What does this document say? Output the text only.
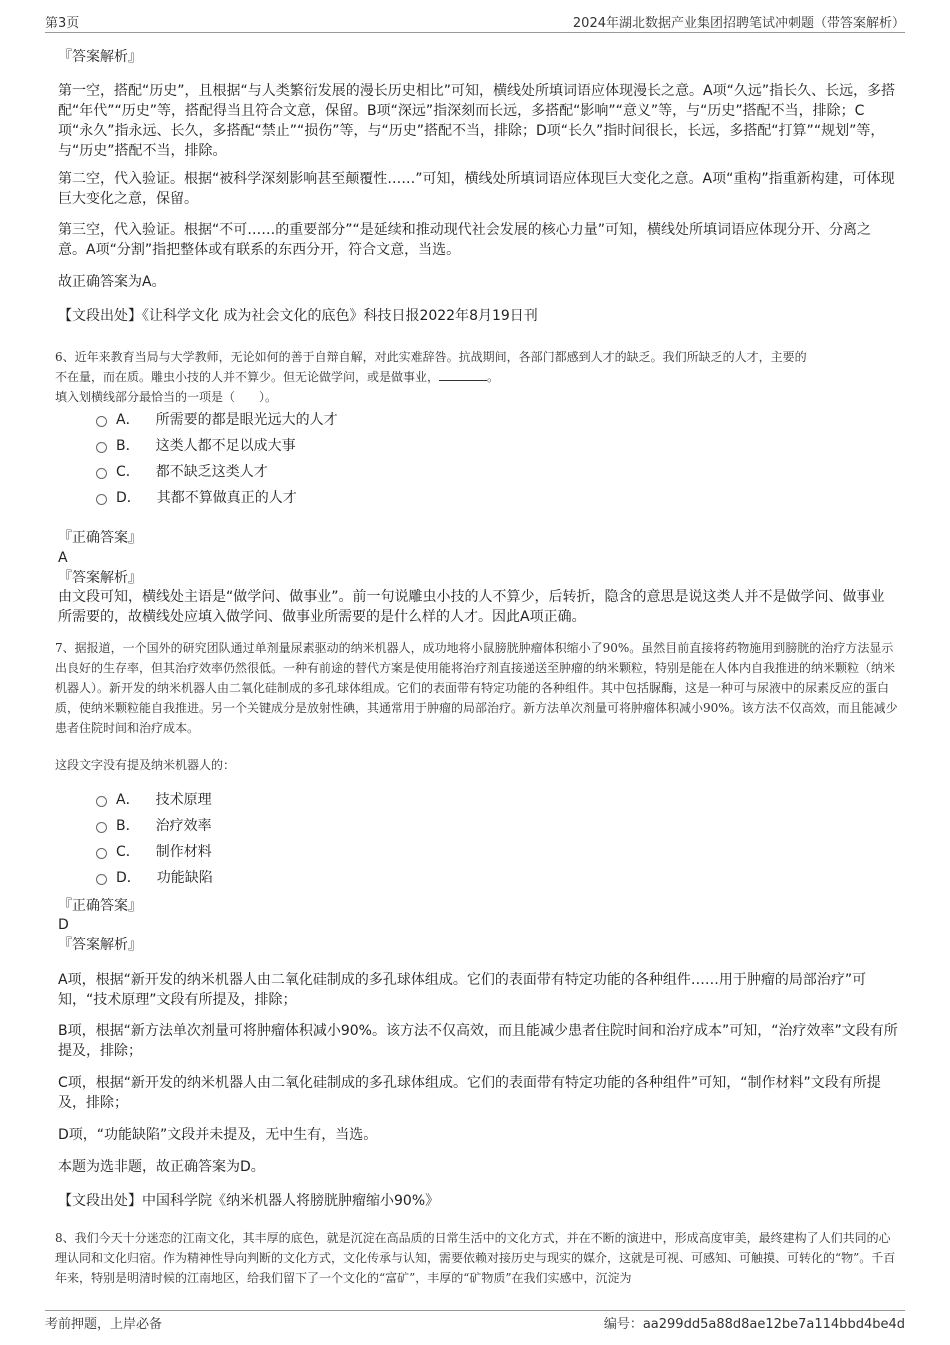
第3页	2024年湖北数据产业集团招聘笔试冲刺题（带答案解析）

『答案解析』

第一空，搭配“历史”，且根据“与人类繁衍发展的漫长历史相比”可知，横线处所填词语应体现漫长之意。A项“久远”指长久、长远，多搭配“年代”“历史”等，搭配得当且符合文意，保留。B项“深远”指深刻而长远，多搭配“影响”“意义”等，与“历史”搭配不当，排除；C项“永久”指永远、长久，多搭配“禁止”“损伤”等，与“历史”搭配不当，排除；D项“长久”指时间很长，长远，多搭配“打算”“规划”等，与“历史”搭配不当，排除。

第二空，代入验证。根据“被科学深刻影响甚至颠覆性……”可知，横线处所填词语应体现巨大变化之意。A项“重构”指重新构建，可体现巨大变化之意，保留。

第三空，代入验证。根据“不可……的重要部分”“是延续和推动现代社会发展的核心力量”可知，横线处所填词语应体现分开、分离之意。A项“分割”指把整体或有联系的东西分开，符合文意，当选。

故正确答案为A。

【文段出处】《让科学文化 成为社会文化的底色》科技日报2022年8月19日刊

6、近年来教育当局与大学教师，无论如何的善于自辩自解，对此实难辞咎。抗战期间，各部门都感到人才的缺乏。我们所缺乏的人才，主要的

不在量，而在质。雕虫小技的人并不算少。但无论做学问，或是做事业，	。

填入划横线部分最恰当的一项是（　　）。

A． 所需要的都是眼光远大的人才
B． 这类人都不足以成大事
C． 都不缺乏这类人才
D． 其都不算做真正的人才

『正确答案』

A

『答案解析』

由文段可知，横线处主语是“做学问、做事业”。前一句说雕虫小技的人不算少，后转折，隐含的意思是说这类人并不是做学问、做事业所需要的，故横线处应填入做学问、做事业所需要的是什么样的人才。因此A项正确。

7、据报道，一个国外的研究团队通过单剂量尿素驱动的纳米机器人，成功地将小鼠膀胱肿瘤体积缩小了90%。虽然目前直接将药物施用到膀胱的治疗方法显示出良好的生存率，但其治疗效率仍然很低。一种有前途的替代方案是使用能将治疗剂直接递送至肿瘤的纳米颗粒，特别是能在人体内自我推进的纳米颗粒（纳米机器人）。新开发的纳米机器人由二氧化硅制成的多孔球体组成。它们的表面带有特定功能的各种组件。其中包括脲酶，这是一种可与尿液中的尿素反应的蛋白质，使纳米颗粒能自我推进。另一个关键成分是放射性碘，其通常用于肿瘤的局部治疗。新方法单次剂量可将肿瘤体积减小90%。该方法不仅高效，而且能减少患者住院时间和治疗成本。

这段文字没有提及纳米机器人的：

A． 技术原理
B． 治疗效率
C． 制作材料
D． 功能缺陷

『正确答案』

D

『答案解析』

A项，根据“新开发的纳米机器人由二氧化硅制成的多孔球体组成。它们的表面带有特定功能的各种组件……用于肿瘤的局部治疗”可知，“技术原理”文段有所提及，排除；

B项，根据“新方法单次剂量可将肿瘤体积减小90%。该方法不仅高效，而且能减少患者住院时间和治疗成本”可知，“治疗效率”文段有所提及，排除；

C项，根据“新开发的纳米机器人由二氧化硅制成的多孔球体组成。它们的表面带有特定功能的各种组件”可知，“制作材料”文段有所提及，排除；

D项，“功能缺陷”文段并未提及，无中生有，当选。

本题为选非题，故正确答案为D。

【文段出处】中国科学院《纳米机器人将膀胱肿瘤缩小90%》

8、我们今天十分迷恋的江南文化，其丰厚的底色，就是沉淀在高品质的日常生活中的文化方式，并在不断的演进中，形成高度审美，最终建构了人们共同的心理认同和文化归宿。作为精神性导向判断的文化方式，文化传承与认知，需要依赖对接历史与现实的媒介，这就是可视、可感知、可触摸、可转化的“物”。千百年来，特别是明清时候的江南地区，给我们留下了一个文化的“富矿”，丰厚的“矿物质”在我们实感中，沉淀为

考前押题，上岸必备	编号：aa299dd5a88d8ae12be7a114bbd4be4d
